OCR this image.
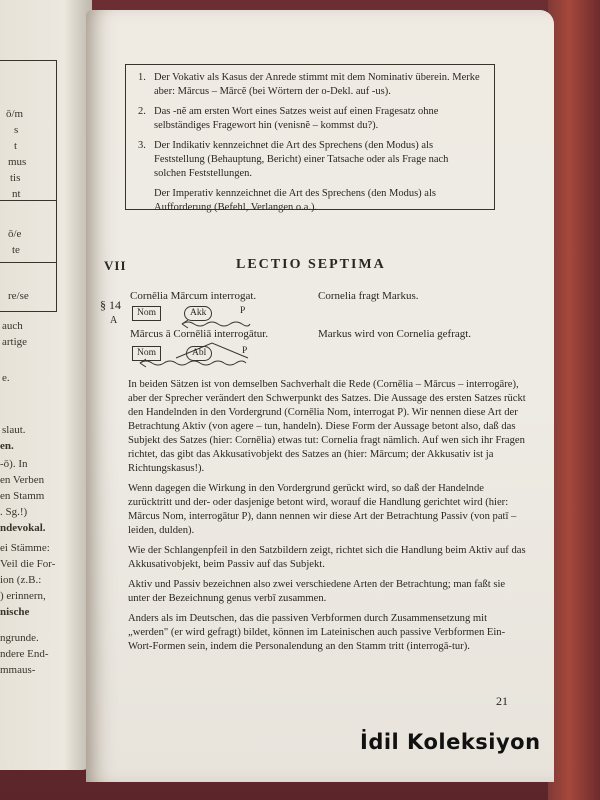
ō/m
s
t
mus
tis
nt
ō/e
te
re/se
auch
artige
e.
slaut.
en.
-ō). In
en Verben
en Stamm
. Sg.!)
ndevokal.
ei Stämme:
Veil die For-
ion (z.B.:
) erinnern,
nische
ngrunde.
ndere End-
mmaus-
1. Der Vokativ als Kasus der Anrede stimmt mit dem Nominativ überein. Merke aber: Mārcus – Mārcĕ (bei Wörtern der o-Dekl. auf -us).
2. Das -nĕ am ersten Wort eines Satzes weist auf einen Fragesatz ohne selbständiges Fragewort hin (venisnĕ – kommst du?).
3. Der Indikativ kennzeichnet die Art des Sprechens (den Modus) als Feststellung (Behauptung, Bericht) einer Tatsache oder als Frage nach solchen Feststellungen.
Der Imperativ kennzeichnet die Art des Sprechens (den Modus) als Aufforderung (Befehl, Verlangen o.a.).
VII	LECTIO SEPTIMA
§ 14
A
Cornēlia Mārcum interrogat.	Cornelia fragt Markus.
Nom	Akk	P
Mārcus ā Cornēliā interrogātur.	Markus wird von Cornelia gefragt.
Nom	Abl	P

In beiden Sätzen ist von demselben Sachverhalt die Rede (Cornēlia – Mārcus – interrogāre), aber der Sprecher verändert den Schwerpunkt des Satzes. Die Aussage des ersten Satzes rückt den Handelnden in den Vordergrund (Cornēlia Nom, interrogat P). Wir nennen diese Art der Betrachtung Aktiv (von agere – tun, handeln). Diese Form der Aussage betont also, daß das Subjekt des Satzes (hier: Cornēlia) etwas tut: Cornelia fragt nämlich. Auf wen sich ihr Fragen richtet, das gibt das Akkusativobjekt des Satzes an (hier: Mārcum; der Akkusativ ist ja Richtungskasus!).

Wenn dagegen die Wirkung in den Vordergrund gerückt wird, so daß der Handelnde zurücktritt und der- oder dasjenige betont wird, worauf die Handlung gerichtet wird (hier: Mārcus Nom, interrogātur P), dann nennen wir diese Art der Betrachtung Passiv (von patī – leiden, dulden).

Wie der Schlangenpfeil in den Satzbildern zeigt, richtet sich die Handlung beim Aktiv auf das Akkusativobjekt, beim Passiv auf das Subjekt.

Aktiv und Passiv bezeichnen also zwei verschiedene Arten der Betrachtung; man faßt sie unter der Bezeichnung genus verbī zusammen.

Anders als im Deutschen, das die passiven Verbformen durch Zusammensetzung mit „werden" (er wird gefragt) bildet, können im Lateinischen auch passive Verbformen Ein-Wort-Formen sein, indem die Personalendung an den Stamm tritt (interrogā-tur).

21
İdil Koleksiyon
